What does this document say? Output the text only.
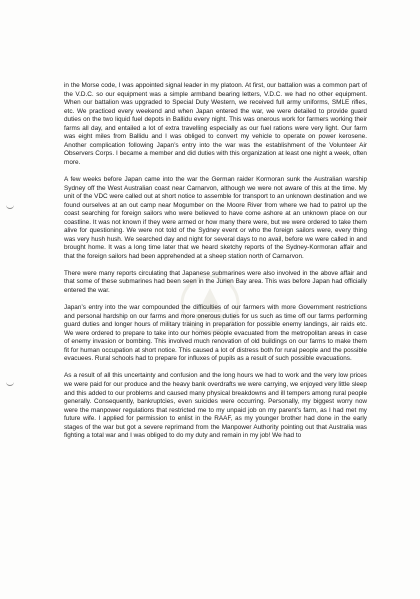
in the Morse code, I was appointed signal leader in my platoon. At first, our battalion was a common part of the V.D.C. so our equipment was a simple armband bearing letters, V.D.C. we had no other equipment. When our battalion was upgraded to Special Duty Western, we received full army uniforms, SMLE rifles, etc. We practiced every weekend and when Japan entered the war, we were detailed to provide guard duties on the two liquid fuel depots in Ballidu every night. This was onerous work for farmers working their farms all day, and entailed a lot of extra travelling especially as our fuel rations were very light. Our farm was eight miles from Ballidu and I was obliged to convert my vehicle to operate on power kerosene. Another complication following Japan’s entry into the war was the establishment of the Volunteer Air Observers Corps. I became a member and did duties with this organization at least one night a week, often more.

A few weeks before Japan came into the war the German raider Kormoran sunk the Australian warship Sydney off the West Australian coast near Carnarvon, although we were not aware of this at the time. My unit of the VDC were called out at short notice to assemble for transport to an unknown destination and we found ourselves at an out camp near Mogumber on the Moore River from where we had to patrol up the coast searching for foreign sailors who were believed to have come ashore at an unknown place on our coastline. It was not known if they were armed or how many there were, but we were ordered to take them alive for questioning. We were not told of the Sydney event or who the foreign sailors were, every thing was very hush hush. We searched day and night for several days to no avail, before we were called in and brought home. It was a long time later that we heard sketchy reports of the Sydney-Kormoran affair and that the foreign sailors had been apprehended at a sheep station north of Carnarvon.

There were many reports circulating that Japanese submarines were also involved in the above affair and that some of these submarines had been seen in the Jurien Bay area. This was before Japan had officially entered the war.

Japan’s entry into the war compounded the difficulties of our farmers with more Government restrictions and personal hardship on our farms and more onerous duties for us such as time off our farms performing guard duties and longer hours of military training in preparation for possible enemy landings, air raids etc. We were ordered to prepare to take into our homes people evacuated from the metropolitan areas in case of enemy invasion or bombing. This involved much renovation of old buildings on our farms to make them fit for human occupation at short notice. This caused a lot of distress both for rural people and the possible evacuees. Rural schools had to prepare for influxes of pupils as a result of such possible evacuations.

As a result of all this uncertainty and confusion and the long hours we had to work and the very low prices we were paid for our produce and the heavy bank overdrafts we were carrying, we enjoyed very little sleep and this added to our problems and caused many physical breakdowns and ill tempers among rural people generally. Consequently, bankruptcies, even suicides were occurring. Personally, my biggest worry now were the manpower regulations that restricted me to my unpaid job on my parent’s farm, as I had met my future wife. I applied for permission to enlist in the RAAF, as my younger brother had done in the early stages of the war but got a severe reprimand from the Manpower Authority pointing out that Australia was fighting a total war and I was obliged to do my duty and remain in my job! We had to
